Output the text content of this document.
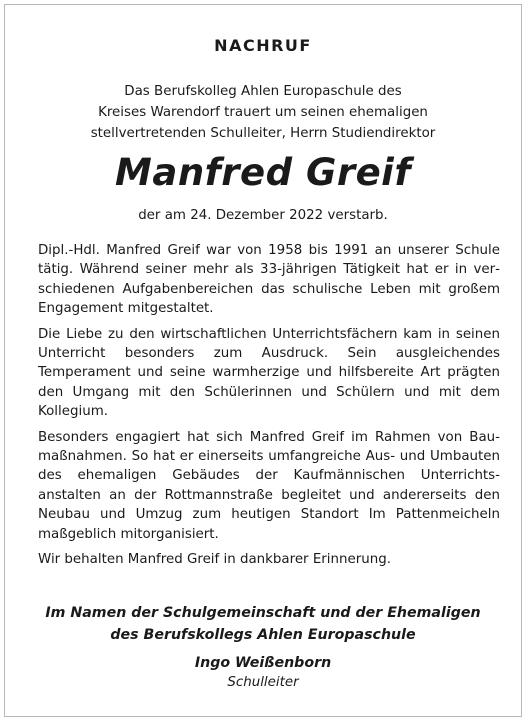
NACHRUF
Das Berufskolleg Ahlen Europaschule des
Kreises Warendorf trauert um seinen ehemaligen
stellvertretenden Schulleiter, Herrn Studiendirektor
Manfred Greif
der am 24. Dezember 2022 verstarb.

Dipl.-Hdl. Manfred Greif war von 1958 bis 1991 an unserer Schule tätig. Während seiner mehr als 33-jährigen Tätigkeit hat er in verschiedenen Aufgabenbereichen das schulische Leben mit großem Engagement mitgestaltet.

Die Liebe zu den wirtschaftlichen Unterrichtsfächern kam in seinen Unterricht besonders zum Ausdruck. Sein ausgleichendes Temperament und seine warmherzige und hilfsbereite Art prägten den Umgang mit den Schülerinnen und Schülern und mit dem Kollegium.

Besonders engagiert hat sich Manfred Greif im Rahmen von Baumaßnahmen. So hat er einerseits umfangreiche Aus- und Umbauten des ehemaligen Gebäudes der Kaufmännischen Unterrichtsanstalten an der Rottmannstraße begleitet und andererseits den Neubau und Umzug zum heutigen Standort Im Pattenmeicheln maßgeblich mitorganisiert.

Wir behalten Manfred Greif in dankbarer Erinnerung.

Im Namen der Schulgemeinschaft und der Ehemaligen
des Berufskollegs Ahlen Europaschule
Ingo Weißenborn
Schulleiter
